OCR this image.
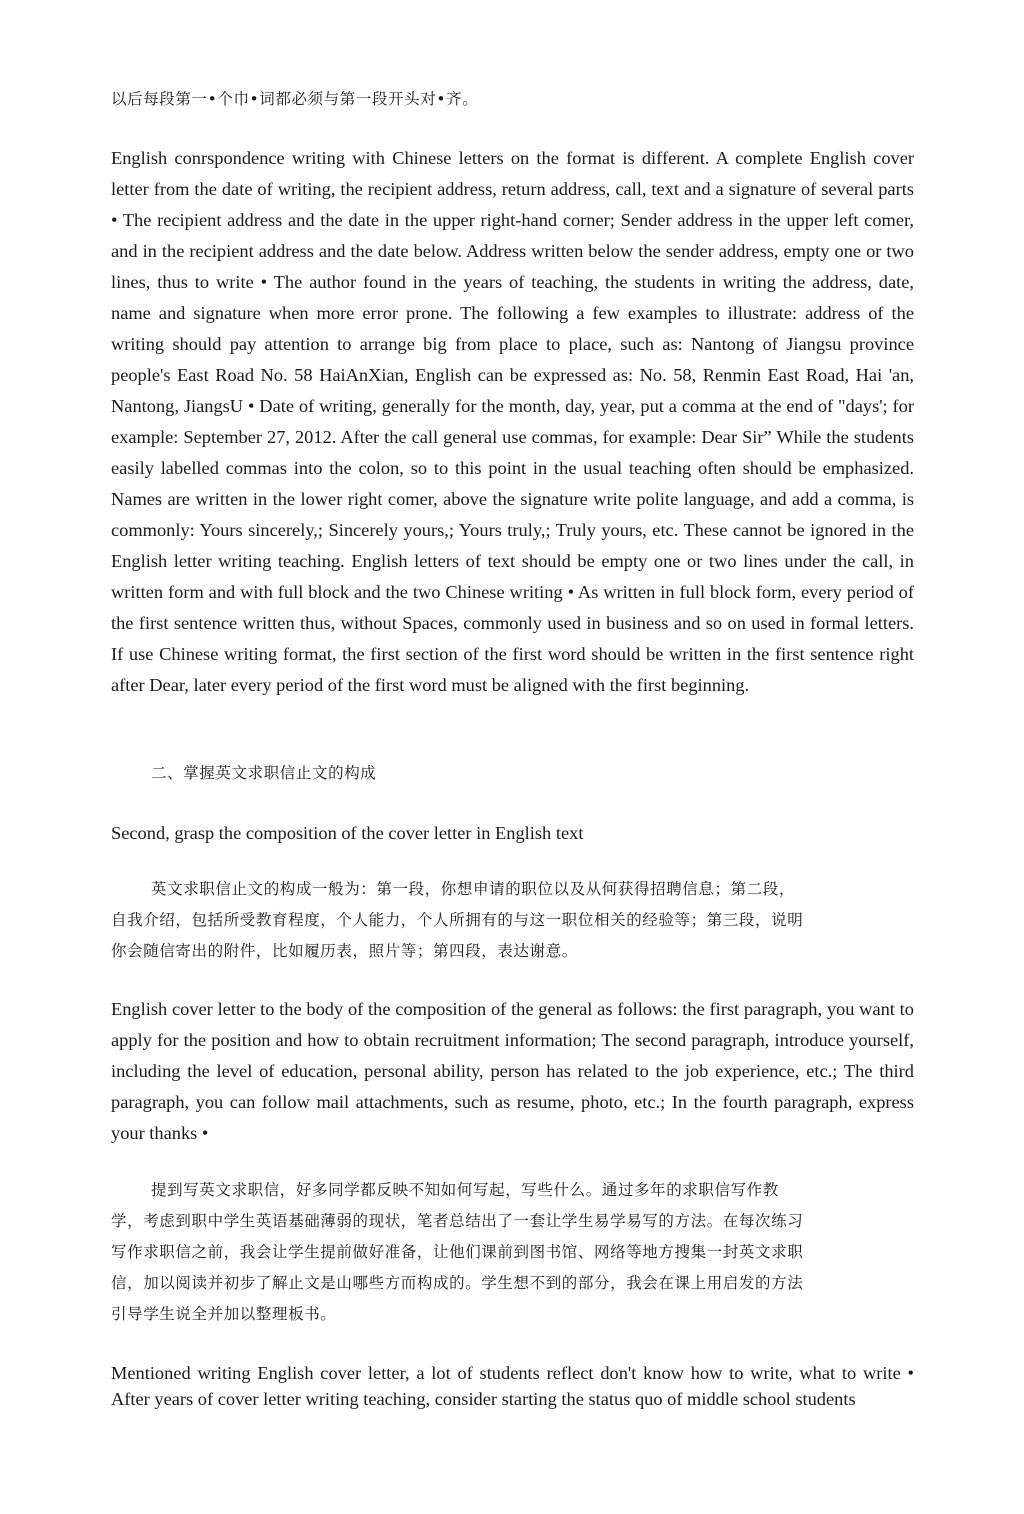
以后每段第一•个巾•词都必须与第一段开头对•齐。

English conrspondence writing with Chinese letters on the format is different. A complete English cover letter from the date of writing, the recipient address, return address, call, text and a signature of several parts • The recipient address and the date in the upper right-hand corner; Sender address in the upper left comer, and in the recipient address and the date below. Address written below the sender address, empty one or two lines, thus to write • The author found in the years of teaching, the students in writing the address, date, name and signature when more error prone. The following a few examples to illustrate: address of the writing should pay attention to arrange big from place to place, such as: Nantong of Jiangsu province people's East Road No. 58 HaiAnXian, English can be expressed as: No. 58, Renmin East Road, Hai 'an, Nantong, JiangsU • Date of writing, generally for the month, day, year, put a comma at the end of "days'; for example: September 27, 2012. After the call general use commas, for example: Dear Sir” While the students easily labelled commas into the colon, so to this point in the usual teaching often should be emphasized. Names are written in the lower right comer, above the signature write polite language, and add a comma, is commonly: Yours sincerely,; Sincerely yours,; Yours truly,; Truly yours, etc. These cannot be ignored in the English letter writing teaching. English letters of text should be empty one or two lines under the call, in written form and with full block and the two Chinese writing • As written in full block form, every period of the first sentence written thus, without Spaces, commonly used in business and so on used in formal letters. If use Chinese writing format, the first section of the first word should be written in the first sentence right after Dear, later every period of the first word must be aligned with the first beginning.

二、掌握英文求职信止文的构成

Second, grasp the composition of the cover letter in English text

英文求职信止文的构成一般为：第一段，你想申请的职位以及从何获得招聘信息；第二段，自我介绍，包括所受教育程度，个人能力，个人所拥有的与这一职位相关的经验等；第三段，说明你会随信寄出的附件，比如履历表，照片等；第四段，表达谢意。

English cover letter to the body of the composition of the general as follows: the first paragraph, you want to apply for the position and how to obtain recruitment information; The second paragraph, introduce yourself, including the level of education, personal ability, person has related to the job experience, etc.; The third paragraph, you can follow mail attachments, such as resume, photo, etc.; In the fourth paragraph, express your thanks •

提到写英文求职信，好多同学都反映不知如何写起，写些什么。通过多年的求职信写作教学，考虑到职中学生英语基础薄弱的现状，笔者总结出了一套让学生易学易写的方法。在每次练习写作求职信之前，我会让学生提前做好准备，让他们课前到图书馆、网络等地方搜集一封英文求职信，加以阅读并初步了解止文是山哪些方而构成的。学生想不到的部分，我会在课上用启发的方法引导学生说全并加以整理板书。

Mentioned writing English cover letter, a lot of students reflect don't know how to write, what to write • After years of cover letter writing teaching, consider starting the status quo of middle school students
